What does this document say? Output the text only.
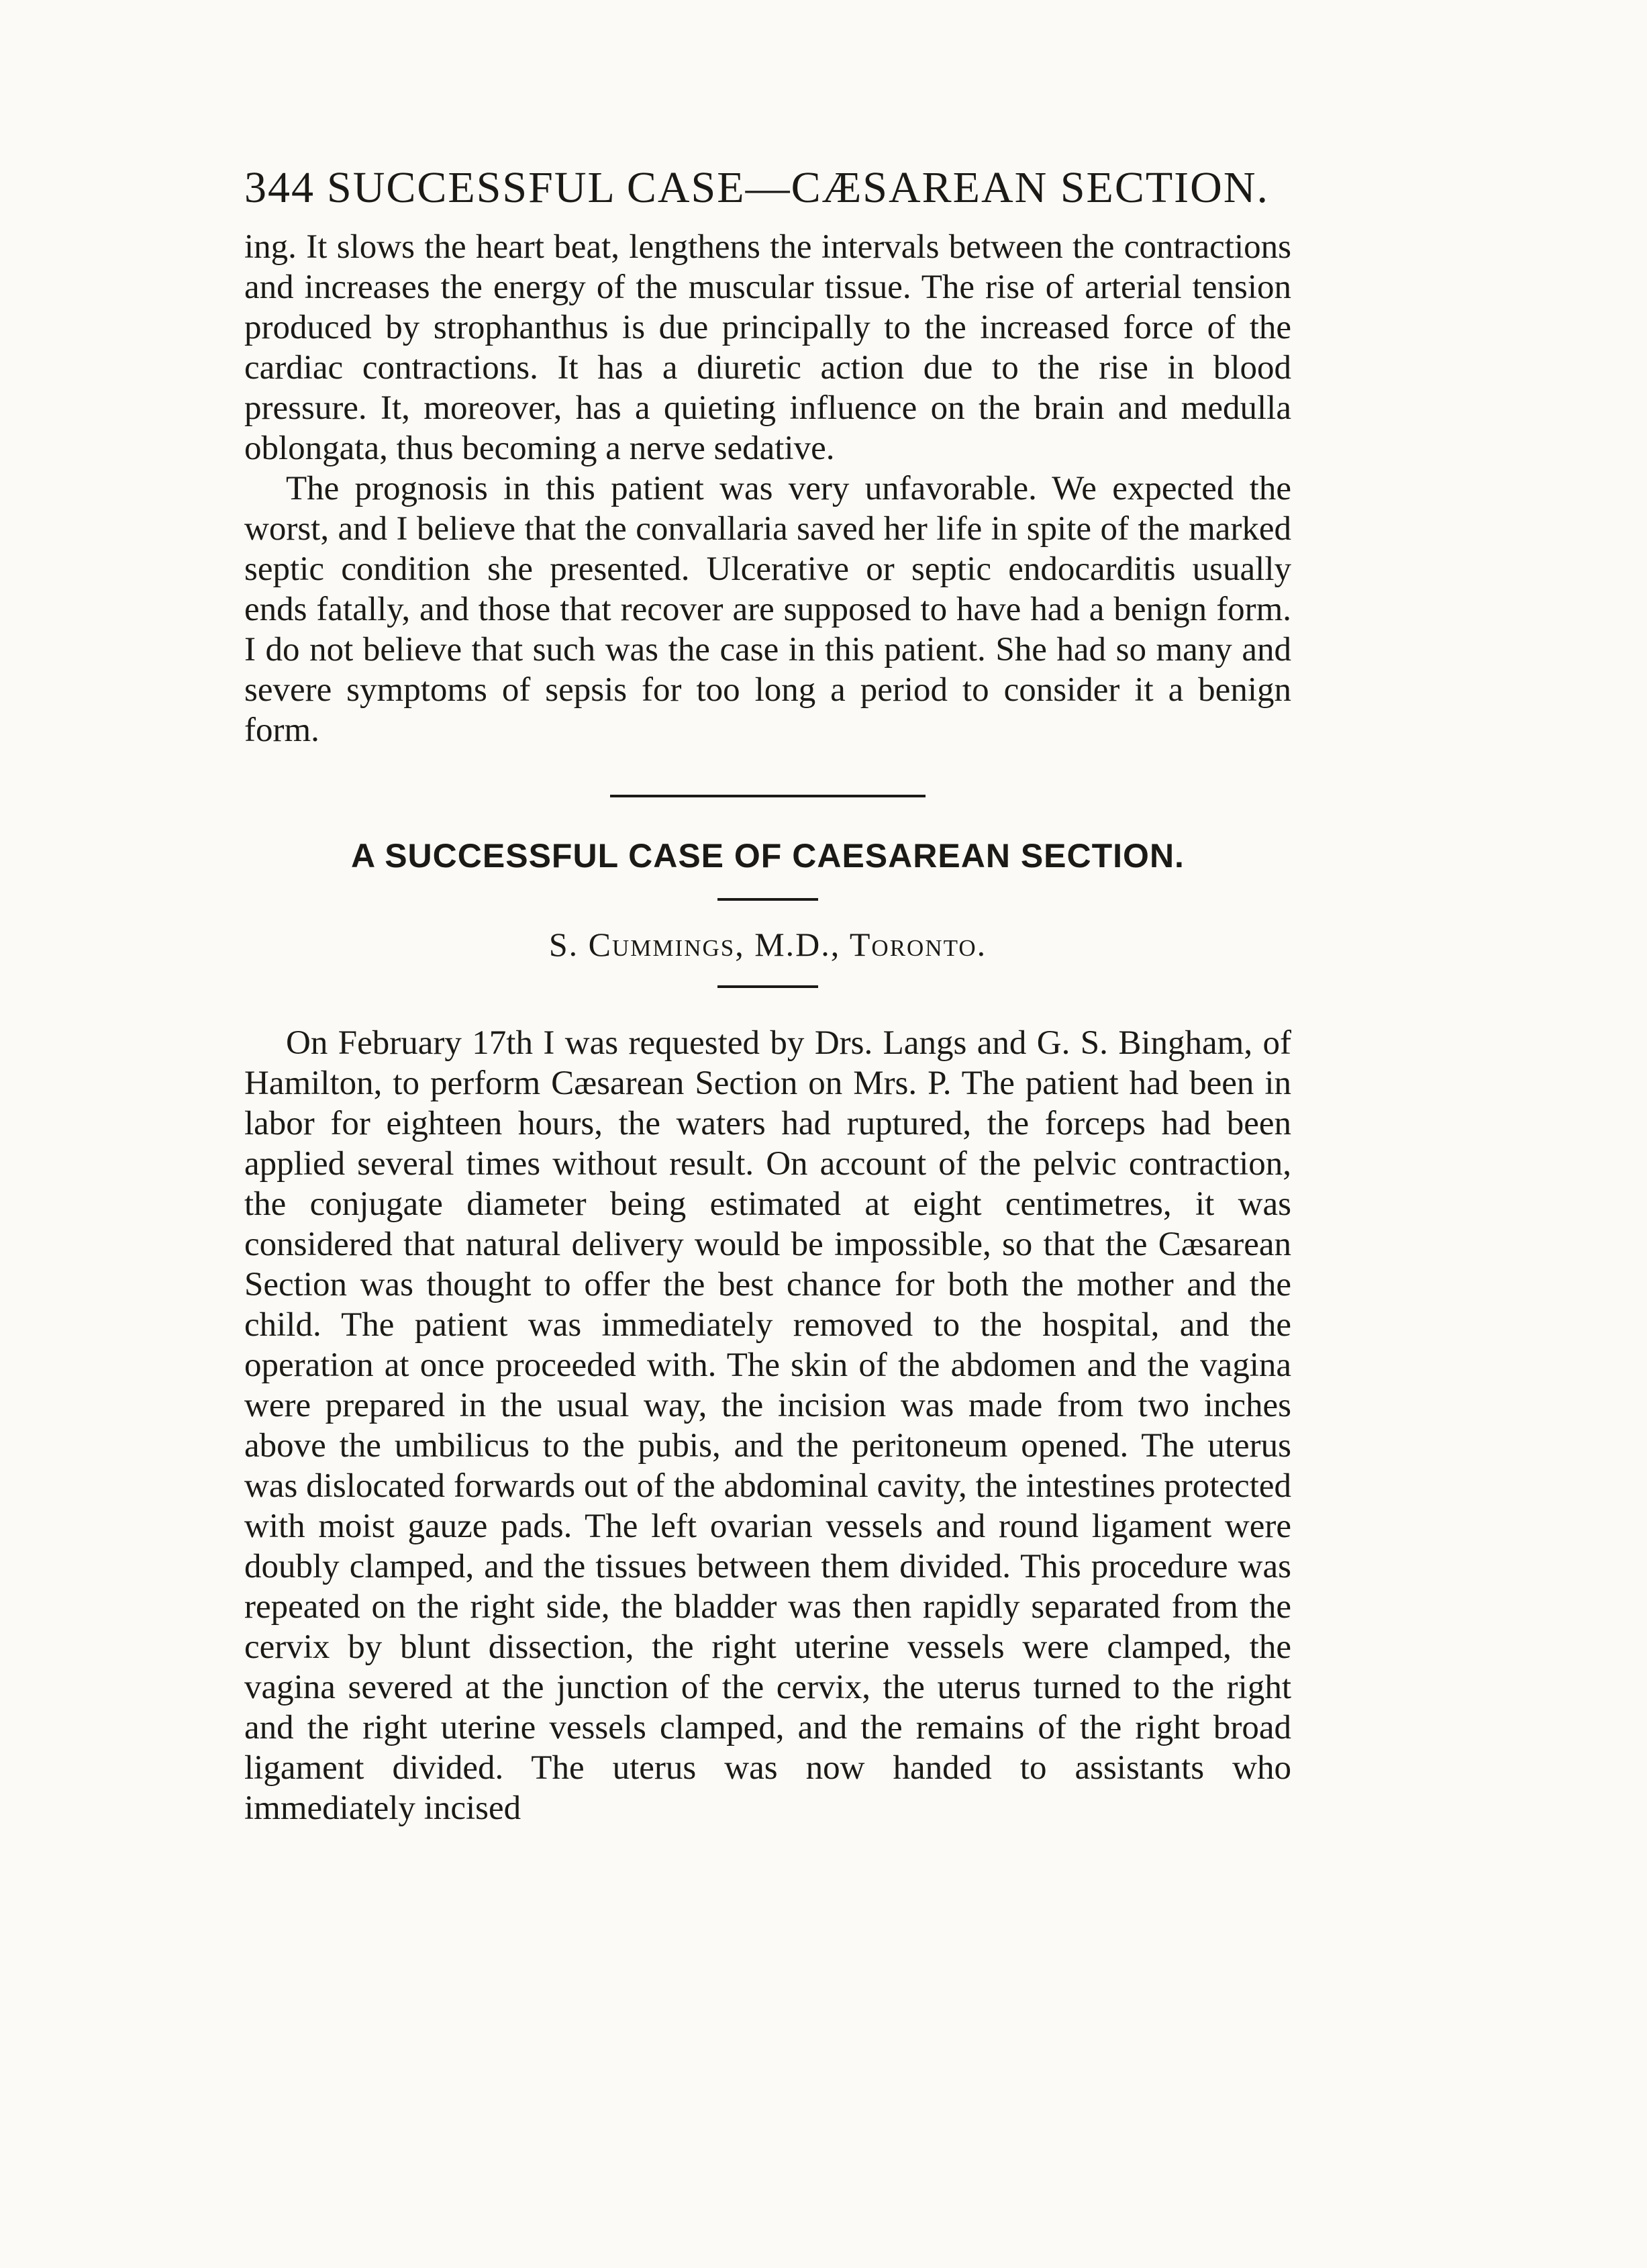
344 SUCCESSFUL CASE—CÆSAREAN SECTION.

ing. It slows the heart beat, lengthens the intervals between the contractions and increases the energy of the muscular tissue. The rise of arterial tension produced by strophanthus is due principally to the increased force of the cardiac contractions. It has a diuretic action due to the rise in blood pressure. It, moreover, has a quieting influence on the brain and medulla oblongata, thus becoming a nerve sedative.

The prognosis in this patient was very unfavorable. We expected the worst, and I believe that the convallaria saved her life in spite of the marked septic condition she presented. Ulcerative or septic endocarditis usually ends fatally, and those that recover are supposed to have had a benign form. I do not believe that such was the case in this patient. She had so many and severe symptoms of sepsis for too long a period to consider it a benign form.

A SUCCESSFUL CASE OF CAESAREAN SECTION.
S. Cummings, M.D., Toronto.

On February 17th I was requested by Drs. Langs and G. S. Bingham, of Hamilton, to perform Cæsarean Section on Mrs. P. The patient had been in labor for eighteen hours, the waters had ruptured, the forceps had been applied several times without result. On account of the pelvic contraction, the conjugate diameter being estimated at eight centimetres, it was considered that natural delivery would be impossible, so that the Cæsarean Section was thought to offer the best chance for both the mother and the child. The patient was immediately removed to the hospital, and the operation at once proceeded with. The skin of the abdomen and the vagina were prepared in the usual way, the incision was made from two inches above the umbilicus to the pubis, and the peritoneum opened. The uterus was dislocated forwards out of the abdominal cavity, the intestines protected with moist gauze pads. The left ovarian vessels and round ligament were doubly clamped, and the tissues between them divided. This procedure was repeated on the right side, the bladder was then rapidly separated from the cervix by blunt dissection, the right uterine vessels were clamped, the vagina severed at the junction of the cervix, the uterus turned to the right and the right uterine vessels clamped, and the remains of the right broad ligament divided. The uterus was now handed to assistants who immediately incised
